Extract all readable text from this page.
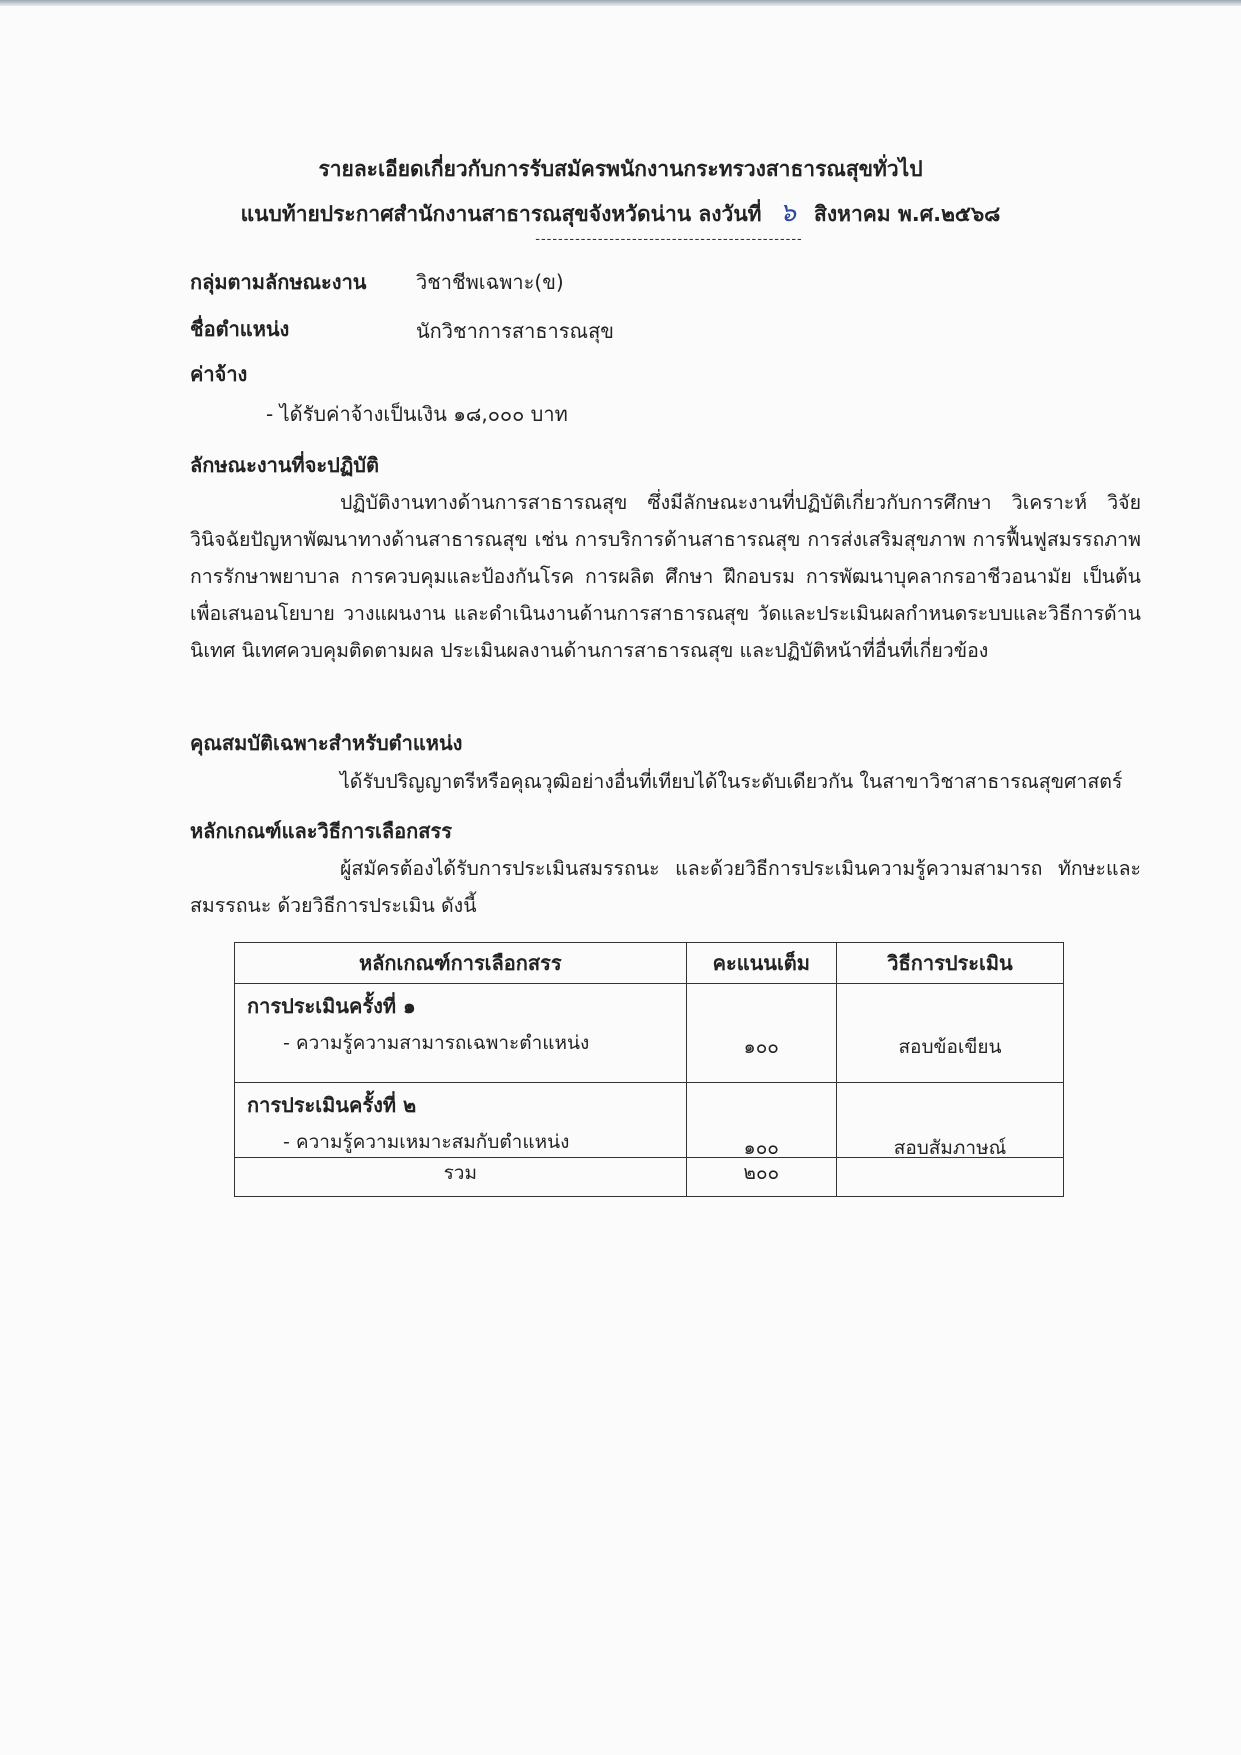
รายละเอียดเกี่ยวกับการรับสมัครพนักงานกระทรวงสาธารณสุขทั่วไป
แนบท้ายประกาศสำนักงานสาธารณสุขจังหวัดน่าน ลงวันที่ ๖ สิงหาคม พ.ศ.๒๕๖๘
-----------------------------------------------
กลุ่มตามลักษณะงาน วิชาชีพเฉพาะ(ข)
ชื่อตำแหน่ง	นักวิชาการสาธารณสุข
ค่าจ้าง
- ได้รับค่าจ้างเป็นเงิน ๑๘,๐๐๐ บาท
ลักษณะงานที่จะปฏิบัติ
ปฏิบัติงานทางด้านการสาธารณสุข ซึ่งมีลักษณะงานที่ปฏิบัติเกี่ยวกับการศึกษา วิเคราะห์ วิจัย วินิจฉัยปัญหาพัฒนาทางด้านสาธารณสุข เช่น การบริการด้านสาธารณสุข การส่งเสริมสุขภาพ การฟื้นฟูสมรรถภาพ การรักษาพยาบาล การควบคุมและป้องกันโรค การผลิต ศึกษา ฝึกอบรม การพัฒนาบุคลากรอาชีวอนามัย เป็นต้น เพื่อเสนอนโยบาย วางแผนงาน และดำเนินงานด้านการสาธารณสุข วัดและประเมินผลกำหนดระบบและวิธีการด้านนิเทศ นิเทศควบคุมติดตามผล ประเมินผลงานด้านการสาธารณสุข และปฏิบัติหน้าที่อื่นที่เกี่ยวข้อง
คุณสมบัติเฉพาะสำหรับตำแหน่ง
ได้รับปริญญาตรีหรือคุณวุฒิอย่างอื่นที่เทียบได้ในระดับเดียวกัน ในสาขาวิชาสาธารณสุขศาสตร์
หลักเกณฑ์และวิธีการเลือกสรร
ผู้สมัครต้องได้รับการประเมินสมรรถนะ และด้วยวิธีการประเมินความรู้ความสามารถ ทักษะและสมรรถนะ ด้วยวิธีการประเมิน ดังนี้
หลักเกณฑ์การเลือกสรร	คะแนนเต็ม	วิธีการประเมิน

การประเมินครั้งที่ ๑
- ความรู้ความสามารถเฉพาะตำแหน่ง	๑๐๐	สอบข้อเขียน

การประเมินครั้งที่ ๒
- ความรู้ความเหมาะสมกับตำแหน่ง	๑๐๐	สอบสัมภาษณ์

รวม	๒๐๐	
